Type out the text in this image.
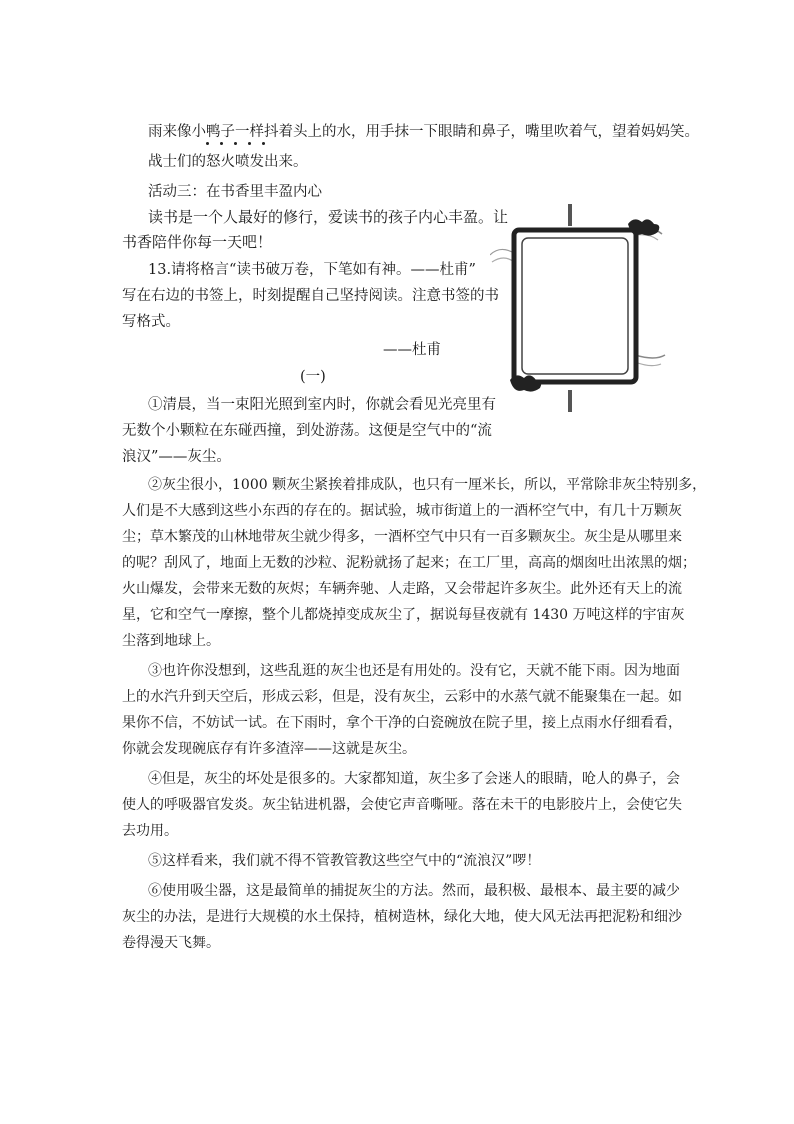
雨来像小鸭子一样抖着头上的水，用手抹一下眼睛和鼻子，嘴里吹着气，望着妈妈笑。
战士们的怒火喷发出来。
活动三：在书香里丰盈内心
读书是一个人最好的修行，爱读书的孩子内心丰盈。让
书香陪伴你每一天吧！
13.请将格言“读书破万卷，下笔如有神。——杜甫”
写在右边的书签上，时刻提醒自己坚持阅读。注意书签的书
写格式。
——杜甫
(一)
①清晨，当一束阳光照到室内时，你就会看见光亮里有
无数个小颗粒在东碰西撞，到处游荡。这便是空气中的“流
浪汉”——灰尘。
②灰尘很小，1000 颗灰尘紧挨着排成队，也只有一厘米长，所以，平常除非灰尘特别多，
人们是不大感到这些小东西的存在的。据试验，城市街道上的一酒杯空气中，有几十万颗灰
尘；草木繁茂的山林地带灰尘就少得多，一酒杯空气中只有一百多颗灰尘。灰尘是从哪里来
的呢？刮风了，地面上无数的沙粒、泥粉就扬了起来；在工厂里，高高的烟囱吐出浓黑的烟；
火山爆发，会带来无数的灰烬；车辆奔驰、人走路，又会带起许多灰尘。此外还有天上的流
星，它和空气一摩擦，整个儿都烧掉变成灰尘了，据说每昼夜就有 1430 万吨这样的宇宙灰
尘落到地球上。
③也许你没想到，这些乱逛的灰尘也还是有用处的。没有它，天就不能下雨。因为地面
上的水汽升到天空后，形成云彩，但是，没有灰尘，云彩中的水蒸气就不能聚集在一起。如
果你不信，不妨试一试。在下雨时，拿个干净的白瓷碗放在院子里，接上点雨水仔细看看，
你就会发现碗底存有许多渣滓——这就是灰尘。
④但是，灰尘的坏处是很多的。大家都知道，灰尘多了会迷人的眼睛，呛人的鼻子，会
使人的呼吸器官发炎。灰尘钻进机器，会使它声音嘶哑。落在未干的电影胶片上，会使它失
去功用。
⑤这样看来，我们就不得不管教管教这些空气中的“流浪汉”啰！
⑥使用吸尘器，这是最简单的捕捉灰尘的方法。然而，最积极、最根本、最主要的减少
灰尘的办法，是进行大规模的水土保持，植树造林，绿化大地，使大风无法再把泥粉和细沙
卷得漫天飞舞。
